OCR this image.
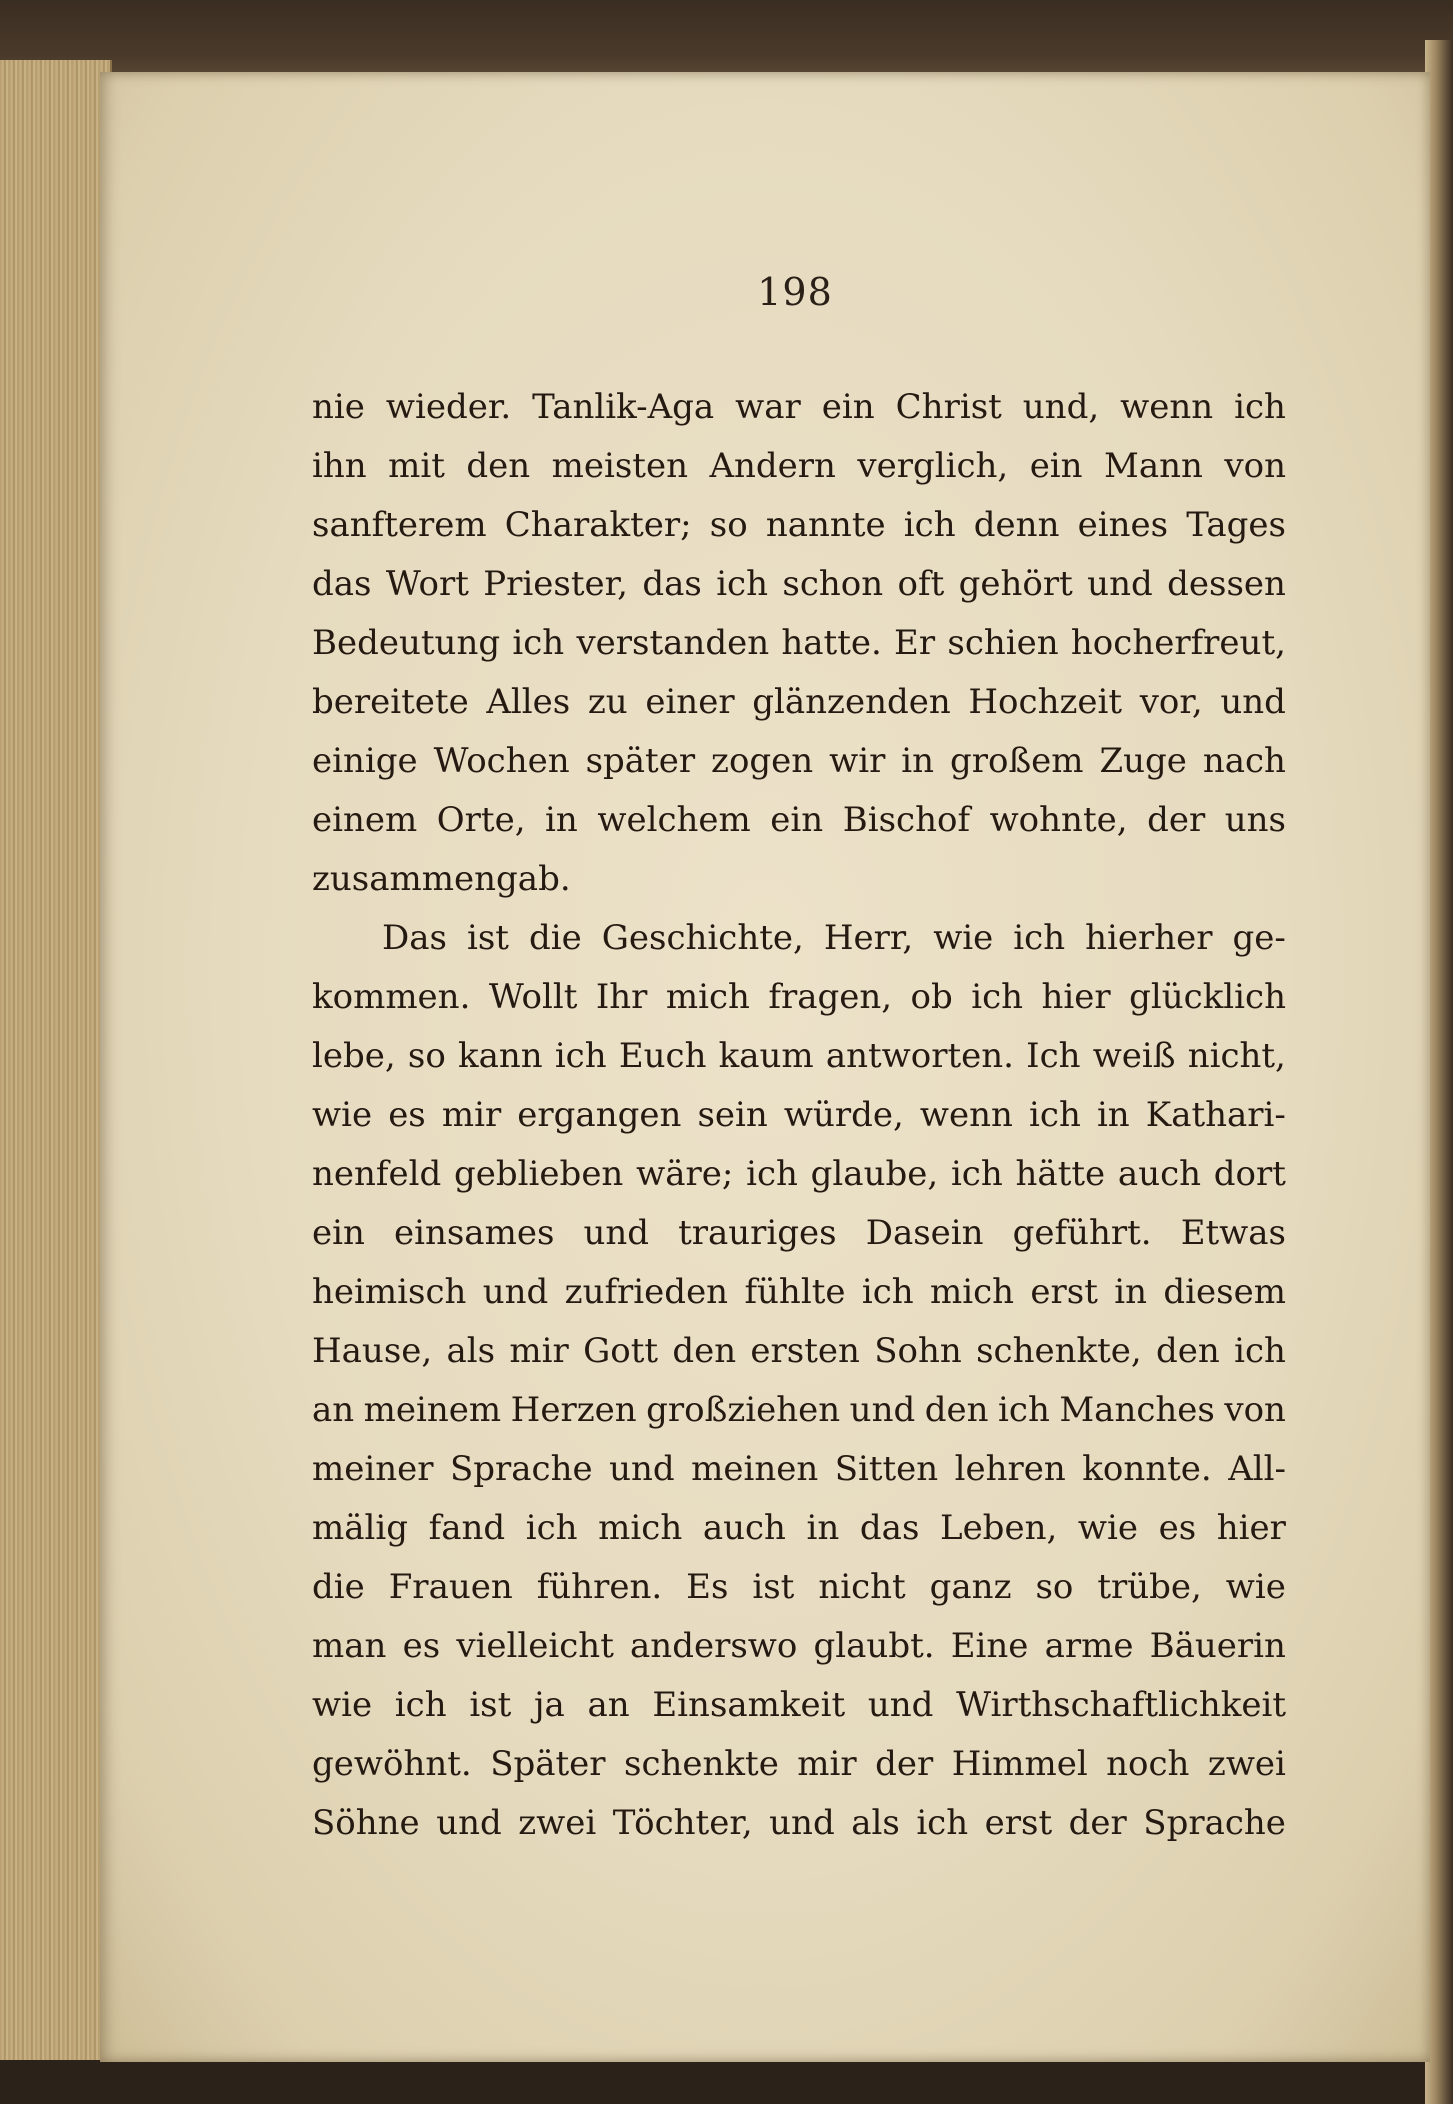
198
nie wieder. Tanlik-Aga war ein Christ und, wenn ich
ihn mit den meisten Andern verglich, ein Mann von
sanfterem Charakter; so nannte ich denn eines Tages
das Wort Priester, das ich schon oft gehört und dessen
Bedeutung ich verstanden hatte. Er schien hocherfreut,
bereitete Alles zu einer glänzenden Hochzeit vor, und
einige Wochen später zogen wir in großem Zuge nach
einem Orte, in welchem ein Bischof wohnte, der uns
zusammengab.
Das ist die Geschichte, Herr, wie ich hierher ge-
kommen. Wollt Ihr mich fragen, ob ich hier glücklich
lebe, so kann ich Euch kaum antworten. Ich weiß nicht,
wie es mir ergangen sein würde, wenn ich in Kathari-
nenfeld geblieben wäre; ich glaube, ich hätte auch dort
ein einsames und trauriges Dasein geführt. Etwas
heimisch und zufrieden fühlte ich mich erst in diesem
Hause, als mir Gott den ersten Sohn schenkte, den ich
an meinem Herzen großziehen und den ich Manches von
meiner Sprache und meinen Sitten lehren konnte. All-
mälig fand ich mich auch in das Leben, wie es hier
die Frauen führen. Es ist nicht ganz so trübe, wie
man es vielleicht anderswo glaubt. Eine arme Bäuerin
wie ich ist ja an Einsamkeit und Wirthschaftlichkeit
gewöhnt. Später schenkte mir der Himmel noch zwei
Söhne und zwei Töchter, und als ich erst der Sprache
